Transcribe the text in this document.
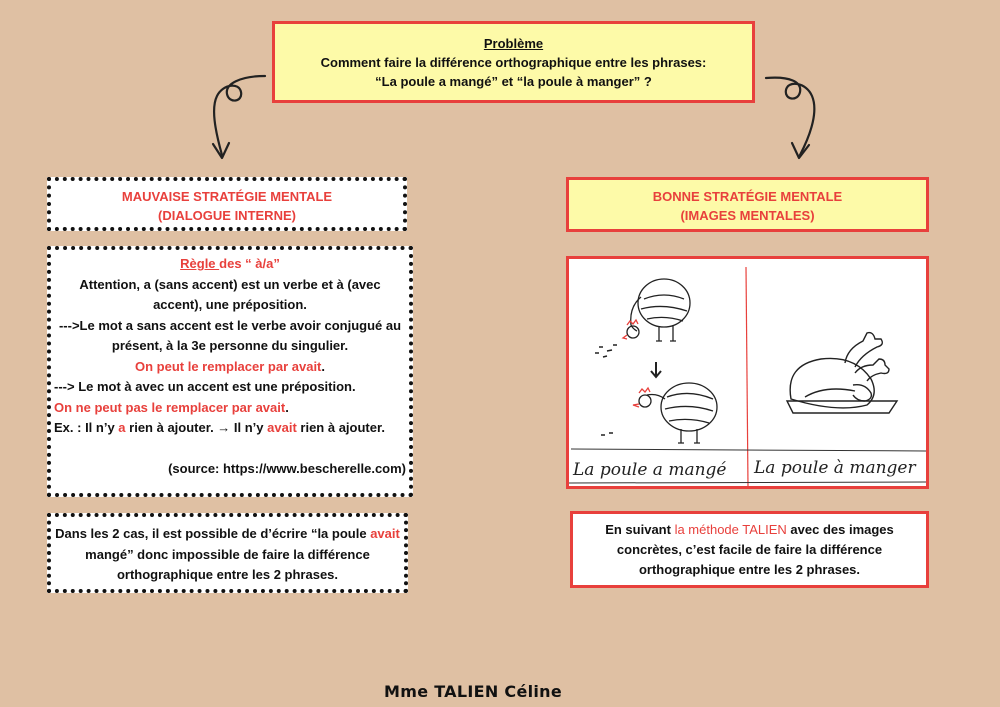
Problème
Comment faire la différence orthographique entre les phrases:
“La poule a mangé” et “la poule à manger” ?
MAUVAISE STRATÉGIE MENTALE
(DIALOGUE INTERNE)
BONNE STRATÉGIE MENTALE
(IMAGES MENTALES)
Règle des “ à/a”
Attention, a (sans accent) est un verbe et à (avec accent), une préposition.
--->Le mot a sans accent est le verbe avoir conjugué au présent, à la 3e personne du singulier.
On peut le remplacer par avait.
---> Le mot à avec un accent est une préposition.
On ne peut pas le remplacer par avait.
Ex. : Il n’y a rien à ajouter. → Il n’y avait rien à ajouter.
(source: https://www.bescherelle.com)	La poule a mangé La poule à manger
Dans les 2 cas, il est possible de d’écrire “la poule avait mangé” donc impossible de faire la différence orthographique entre les 2 phrases.
En suivant la méthode TALIEN avec des images concrètes, c’est facile de faire la différence orthographique entre les 2 phrases.
Mme TALIEN Céline
